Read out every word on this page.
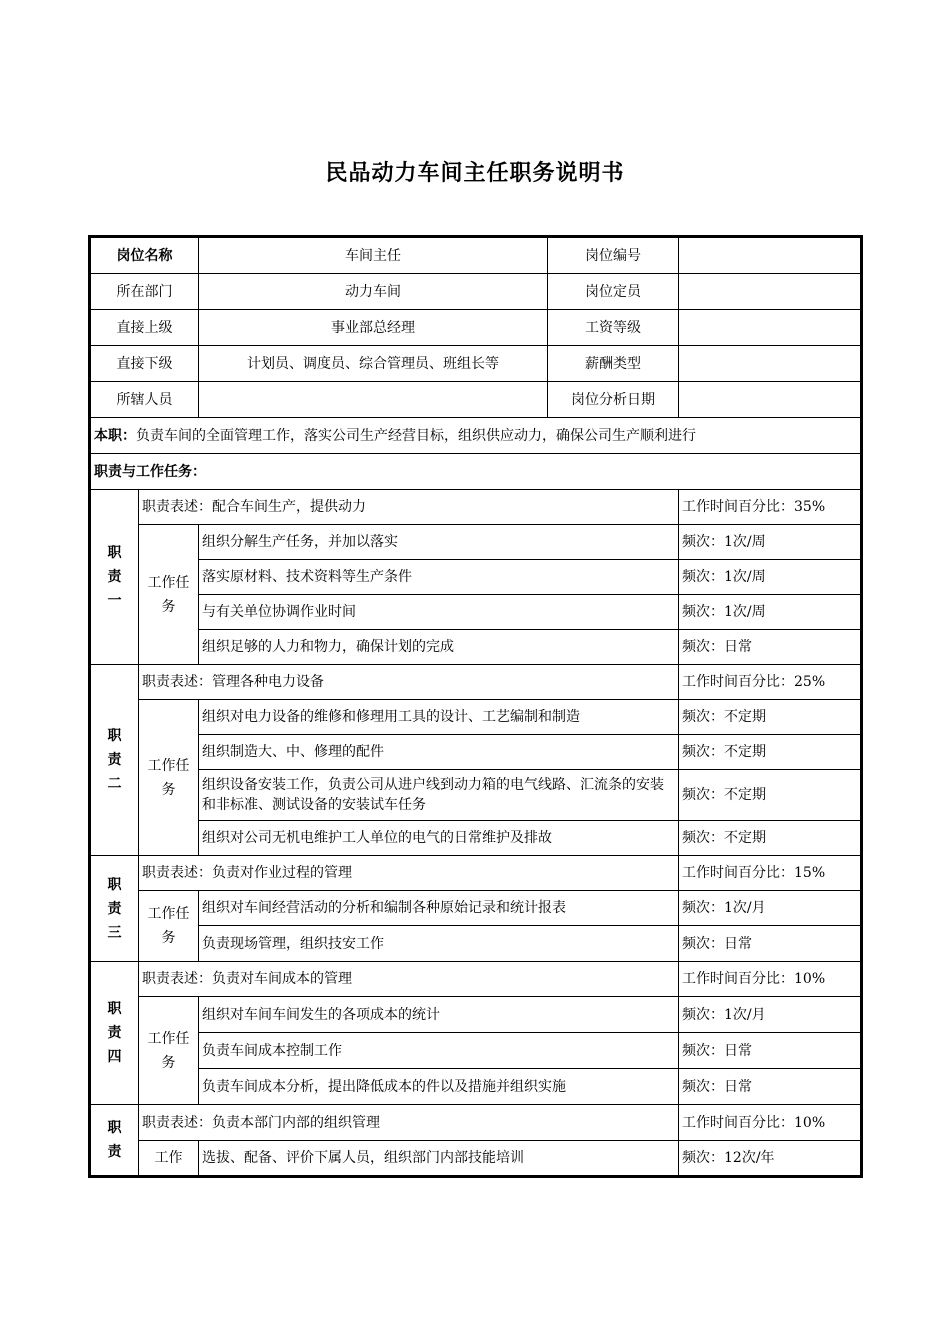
民品动力车间主任职务说明书
岗位名称		车间主任	岗位编号	
所在部门		动力车间	岗位定员	
直接上级		事业部总经理	工资等级	
直接下级		计划员、调度员、综合管理员、班组长等	薪酬类型	
所辖人员			岗位分析日期	
本职：负责车间的全面管理工作，落实公司生产经营目标，组织供应动力，确保公司生产顺利进行				
职责与工作任务：				

职
责
一	职责表述：配合车间生产，提供动力			工作时间百分比：35%
	工作任务	组织分解生产任务，并加以落实		频次：1次/周
		落实原材料、技术资料等生产条件		频次：1次/周
		与有关单位协调作业时间		频次：1次/周
		组织足够的人力和物力，确保计划的完成		频次：日常

职
责
二	职责表述：管理各种电力设备			工作时间百分比：25%
	工作任务	组织对电力设备的维修和修理用工具的设计、工艺编制和制造		频次：不定期
		组织制造大、中、修理的配件		频次：不定期
		组织设备安装工作，负责公司从进户线到动力箱的电气线路、汇流条的安装和非标准、测试设备的安装试车任务		频次：不定期
		组织对公司无机电维护工人单位的电气的日常维护及排故		频次：不定期

职
责
三	职责表述：负责对作业过程的管理			工作时间百分比：15%
	工作任务	组织对车间经营活动的分析和编制各种原始记录和统计报表		频次：1次/月
		负责现场管理，组织技安工作		频次：日常

职
责
四	职责表述：负责对车间成本的管理			工作时间百分比：10%
	工作任务	组织对车间车间发生的各项成本的统计		频次：1次/月
		负责车间成本控制工作		频次：日常
		负责车间成本分析，提出降低成本的件以及措施并组织实施		频次：日常

职
责	职责表述：负责本部门内部的组织管理			工作时间百分比：10%
	工作	选拔、配备、评价下属人员，组织部门内部技能培训		频次：12次/年
